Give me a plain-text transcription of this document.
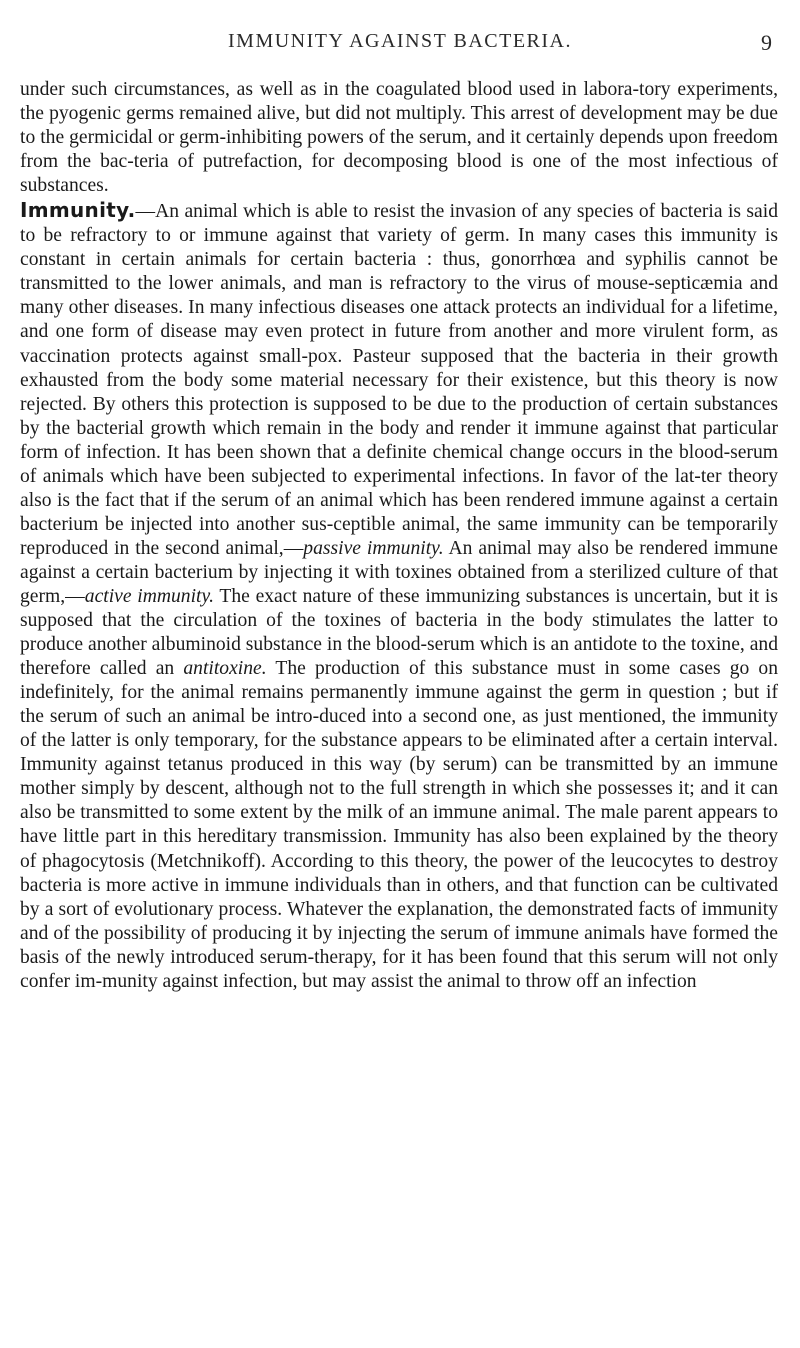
IMMUNITY AGAINST BACTERIA.	9

under such circumstances, as well as in the coagulated blood used in labora-tory experiments, the pyogenic germs remained alive, but did not multiply. This arrest of development may be due to the germicidal or germ-inhibiting powers of the serum, and it certainly depends upon freedom from the bac-teria of putrefaction, for decomposing blood is one of the most infectious of substances.

Immunity.—An animal which is able to resist the invasion of any species of bacteria is said to be refractory to or immune against that variety of germ. In many cases this immunity is constant in certain animals for certain bacteria : thus, gonorrhœa and syphilis cannot be transmitted to the lower animals, and man is refractory to the virus of mouse-septicæmia and many other diseases. In many infectious diseases one attack protects an individual for a lifetime, and one form of disease may even protect in future from another and more virulent form, as vaccination protects against small-pox. Pasteur supposed that the bacteria in their growth exhausted from the body some material necessary for their existence, but this theory is now rejected. By others this protection is supposed to be due to the production of certain substances by the bacterial growth which remain in the body and render it immune against that particular form of infection. It has been shown that a definite chemical change occurs in the blood-serum of animals which have been subjected to experimental infections. In favor of the lat-ter theory also is the fact that if the serum of an animal which has been rendered immune against a certain bacterium be injected into another sus-ceptible animal, the same immunity can be temporarily reproduced in the second animal,—passive immunity. An animal may also be rendered immune against a certain bacterium by injecting it with toxines obtained from a sterilized culture of that germ,—active immunity. The exact nature of these immunizing substances is uncertain, but it is supposed that the circulation of the toxines of bacteria in the body stimulates the latter to produce another albuminoid substance in the blood-serum which is an antidote to the toxine, and therefore called an antitoxine. The production of this substance must in some cases go on indefinitely, for the animal remains permanently immune against the germ in question ; but if the serum of such an animal be intro-duced into a second one, as just mentioned, the immunity of the latter is only temporary, for the substance appears to be eliminated after a certain interval. Immunity against tetanus produced in this way (by serum) can be transmitted by an immune mother simply by descent, although not to the full strength in which she possesses it; and it can also be transmitted to some extent by the milk of an immune animal. The male parent appears to have little part in this hereditary transmission. Immunity has also been explained by the theory of phagocytosis (Metchnikoff). According to this theory, the power of the leucocytes to destroy bacteria is more active in immune individuals than in others, and that function can be cultivated by a sort of evolutionary process. Whatever the explanation, the demonstrated facts of immunity and of the possibility of producing it by injecting the serum of immune animals have formed the basis of the newly introduced serum-therapy, for it has been found that this serum will not only confer im-munity against infection, but may assist the animal to throw off an infection
